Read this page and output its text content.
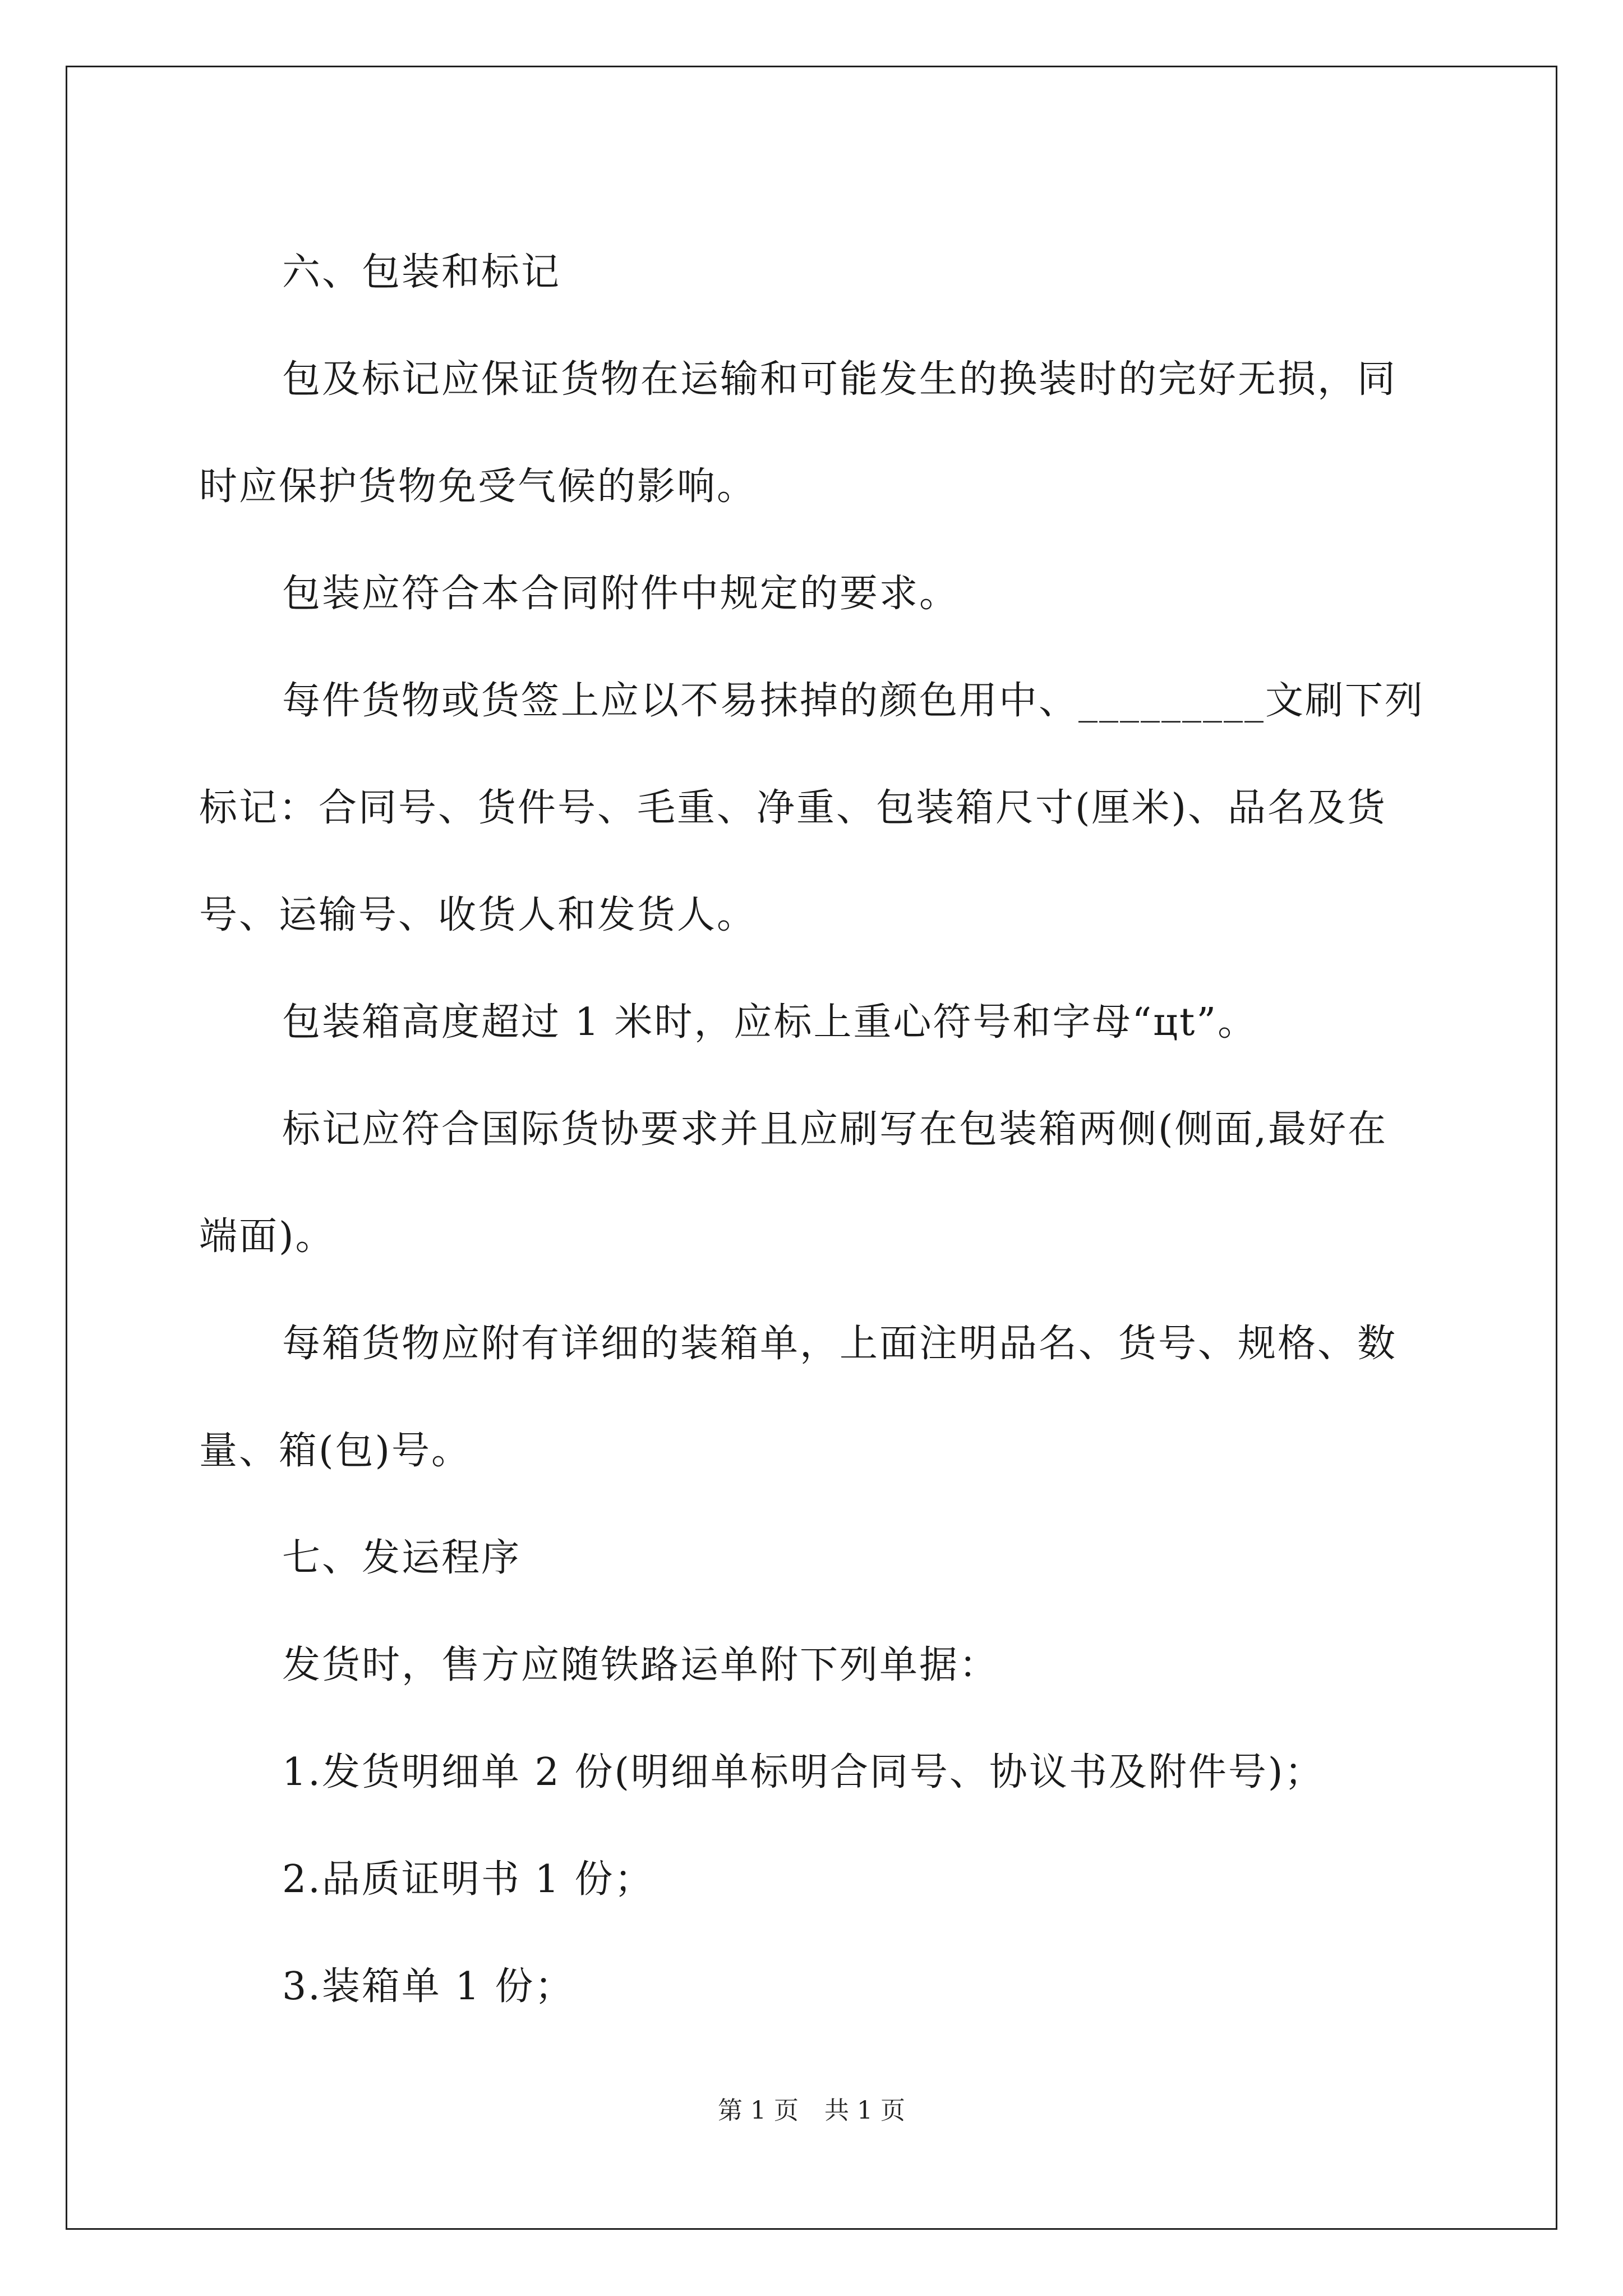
六、包装和标记

包及标记应保证货物在运输和可能发生的换装时的完好无损，同

时应保护货物免受气候的影响。

包装应符合本合同附件中规定的要求。

每件货物或货签上应以不易抹掉的颜色用中、_________文刷下列

标记：合同号、货件号、毛重、净重、包装箱尺寸(厘米)、品名及货

号、运输号、收货人和发货人。

包装箱高度超过 1 米时，应标上重心符号和字母“цt”。

标记应符合国际货协要求并且应刷写在包装箱两侧(侧面,最好在

端面)。

每箱货物应附有详细的装箱单，上面注明品名、货号、规格、数

量、箱(包)号。

七、发运程序

发货时，售方应随铁路运单附下列单据：

1.发货明细单 2 份(明细单标明合同号、协议书及附件号)；

2.品质证明书 1 份；

3.装箱单 1 份；

第 1 页 共 1 页
